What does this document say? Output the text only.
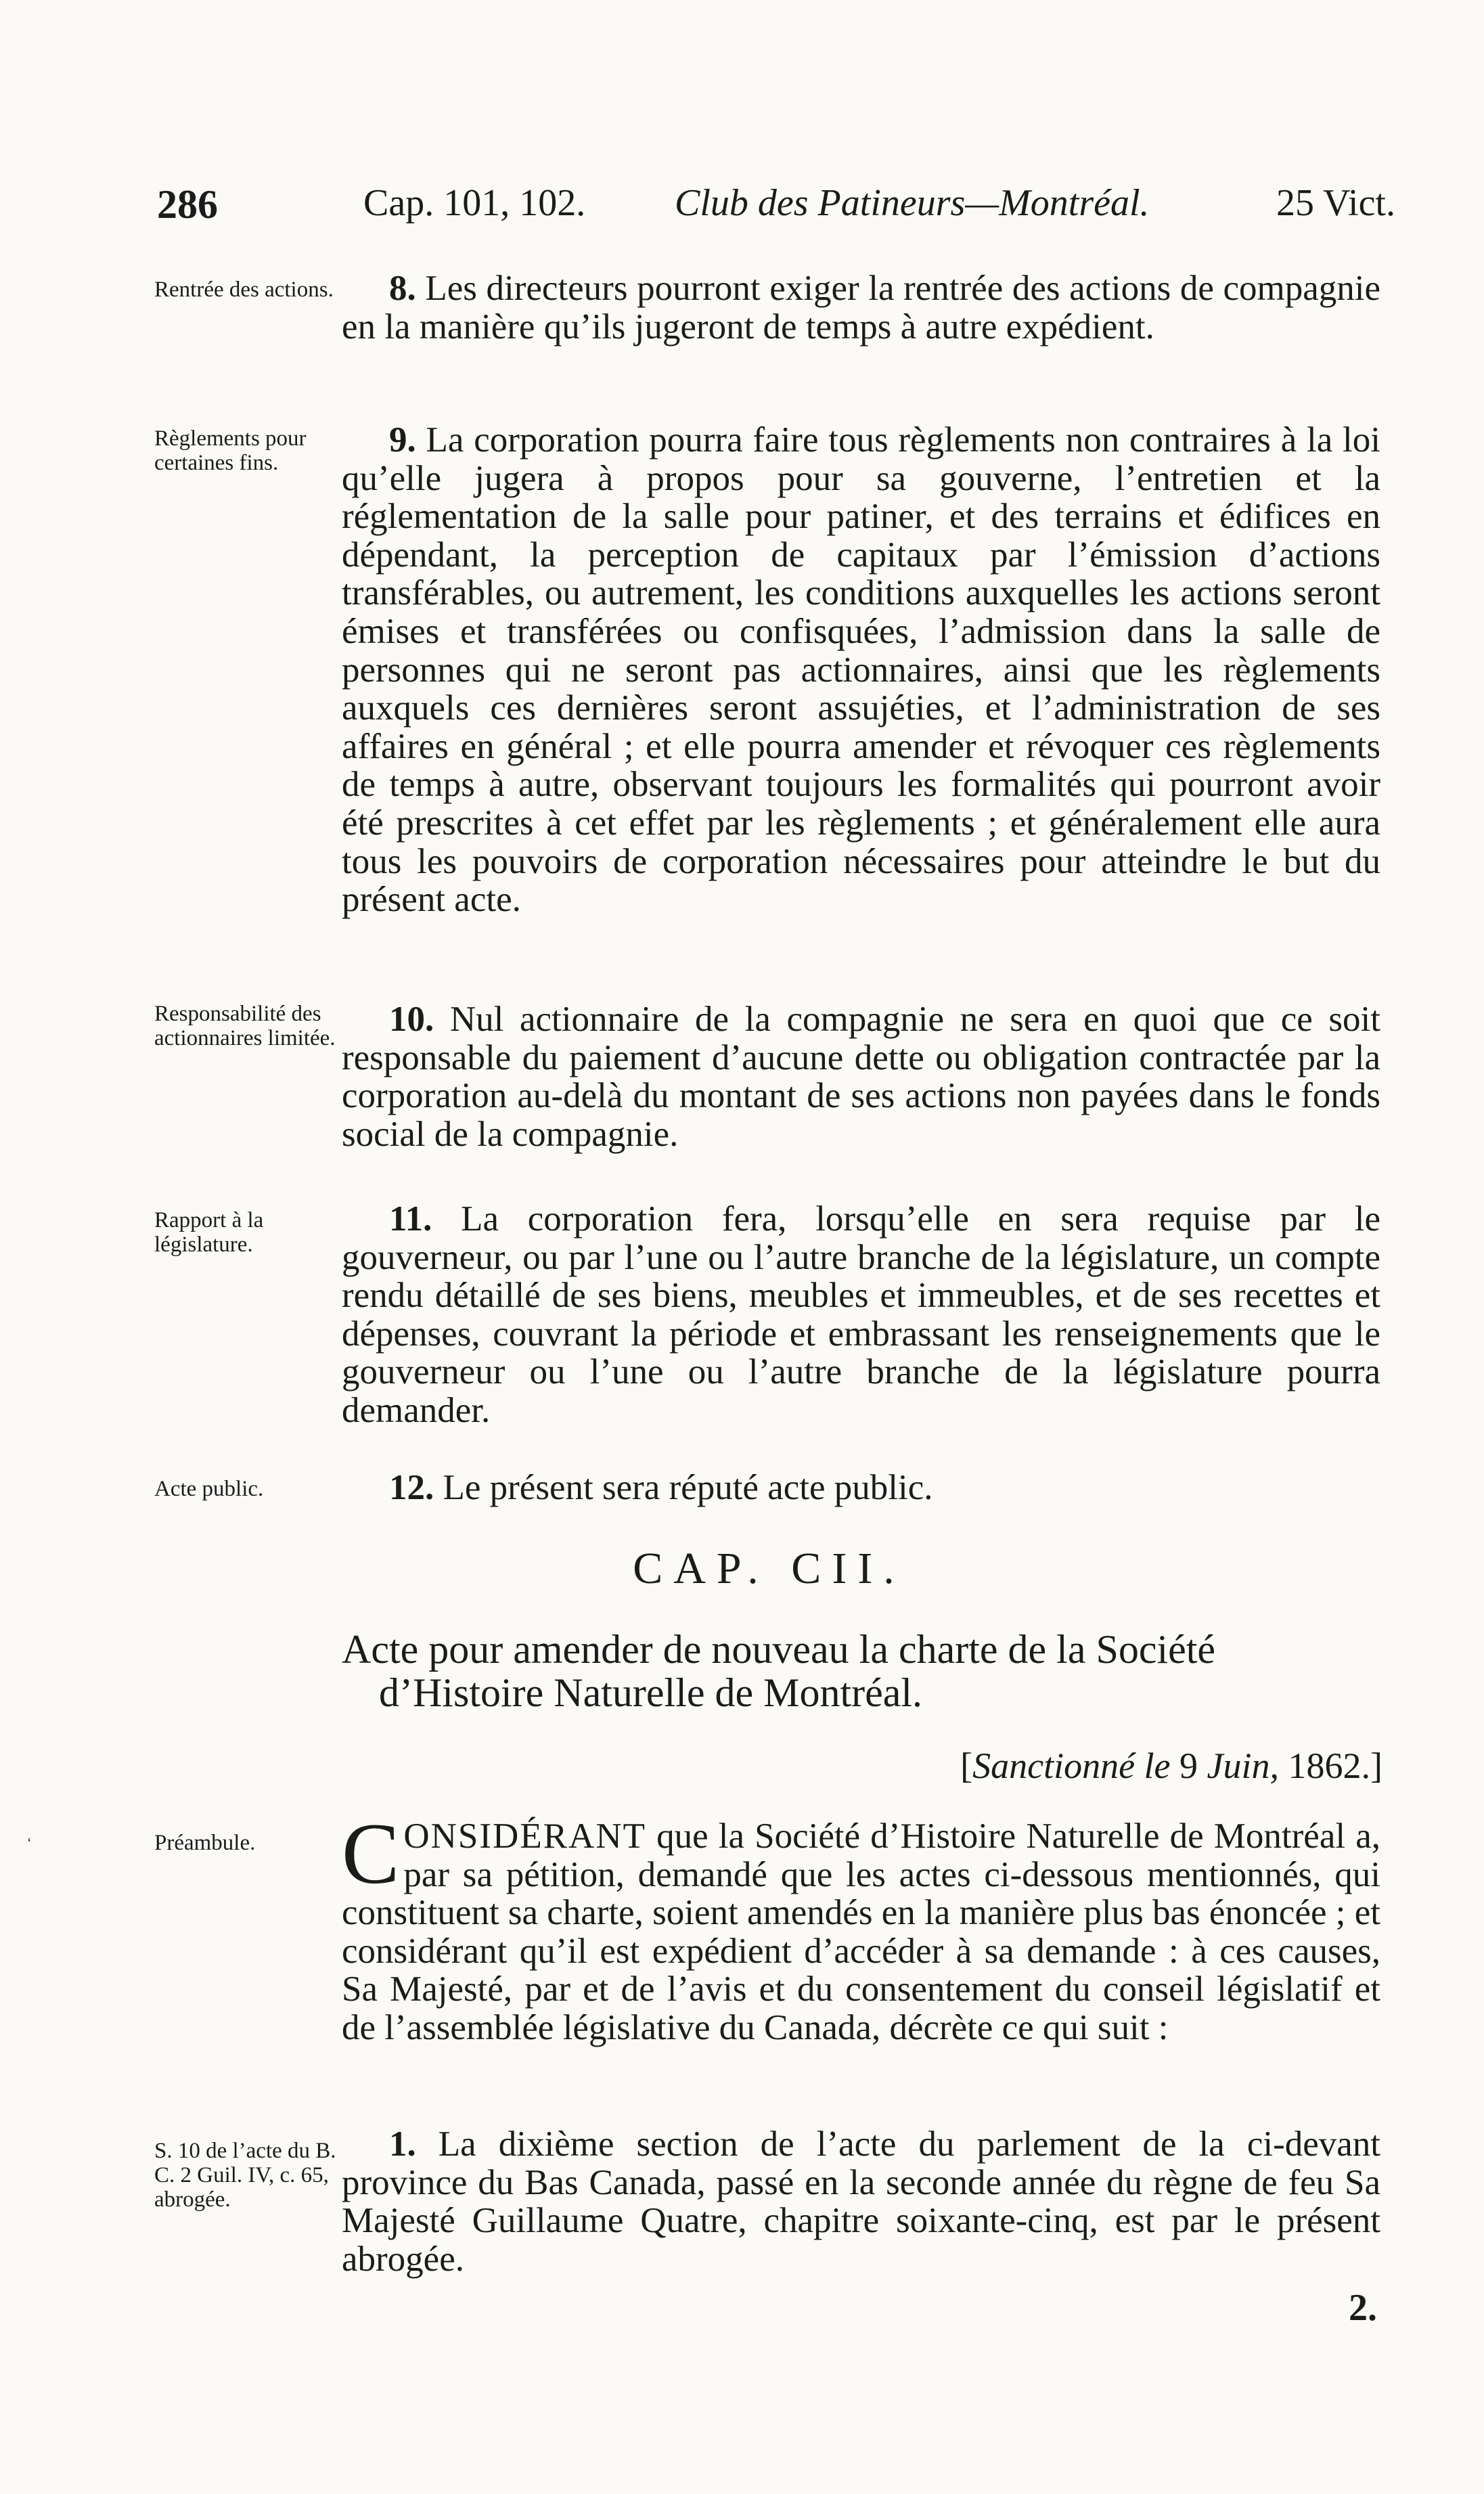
286	Cap. 101, 102. Club des Patineurs—Montréal.	25 Vict.
Rentrée des actions.	8. Les directeurs pourront exiger la rentrée des actions de compagnie en la manière qu’ils jugeront de temps à autre expédient.

Règlements pour certaines fins.

9. La corporation pourra faire tous règlements non contraires à la loi qu’elle jugera à propos pour sa gouverne, l’entretien et la réglementation de la salle pour patiner, et des terrains et édifices en dépendant, la perception de capitaux par l’émission d’actions transférables, ou autrement, les conditions auxquelles les actions seront émises et transférées ou confisquées, l’admission dans la salle de personnes qui ne seront pas actionnaires, ainsi que les règlements auxquels ces dernières seront assujéties, et l’administration de ses affaires en général ; et elle pourra amender et révoquer ces règlements de temps à autre, observant toujours les formalités qui pourront avoir été prescrites à cet effet par les règlements ; et généralement elle aura tous les pouvoirs de corporation nécessaires pour atteindre le but du présent acte.

Responsabilité des actionnaires limitée.	10. Nul actionnaire de la compagnie ne sera en quoi que ce soit responsable du paiement d’aucune dette ou obligation contractée par la corporation au-delà du montant de ses actions non payées dans le fonds social de la compagnie.

Rapport à la législature.

11. La corporation fera, lorsqu’elle en sera requise par le gouverneur, ou par l’une ou l’autre branche de la législature, un compte rendu détaillé de ses biens, meubles et immeubles, et de ses recettes et dépenses, couvrant la période et embrassant les renseignements que le gouverneur ou l’une ou l’autre branche de la législature pourra demander.

Acte public.	12. Le présent sera réputé acte public.

CAP. CII.
Acte pour amender de nouveau la charte de la Société
d’Histoire Naturelle de Montréal.
[Sanctionné le 9 Juin, 1862.]
‘	Préambule. CONSIDÉRANT que la Société d’Histoire Naturelle de Montréal a, par sa pétition, demandé que les actes ci-dessous mentionnés, qui constituent sa charte, soient amendés en la manière plus bas énoncée ; et considérant qu’il est expédient d’accéder à sa demande : à ces causes, Sa Majesté, par et de l’avis et du consentement du conseil législatif et de l’assemblée législative du Canada, décrète ce qui suit :

S. 10 de l’acte du B. C. 2 Guil. IV, c. 65, abrogée.

1. La dixième section de l’acte du parlement de la ci-devant province du Bas Canada, passé en la seconde année du règne de feu Sa Majesté Guillaume Quatre, chapitre soixante-cinq, est par le présent abrogée.

2.
